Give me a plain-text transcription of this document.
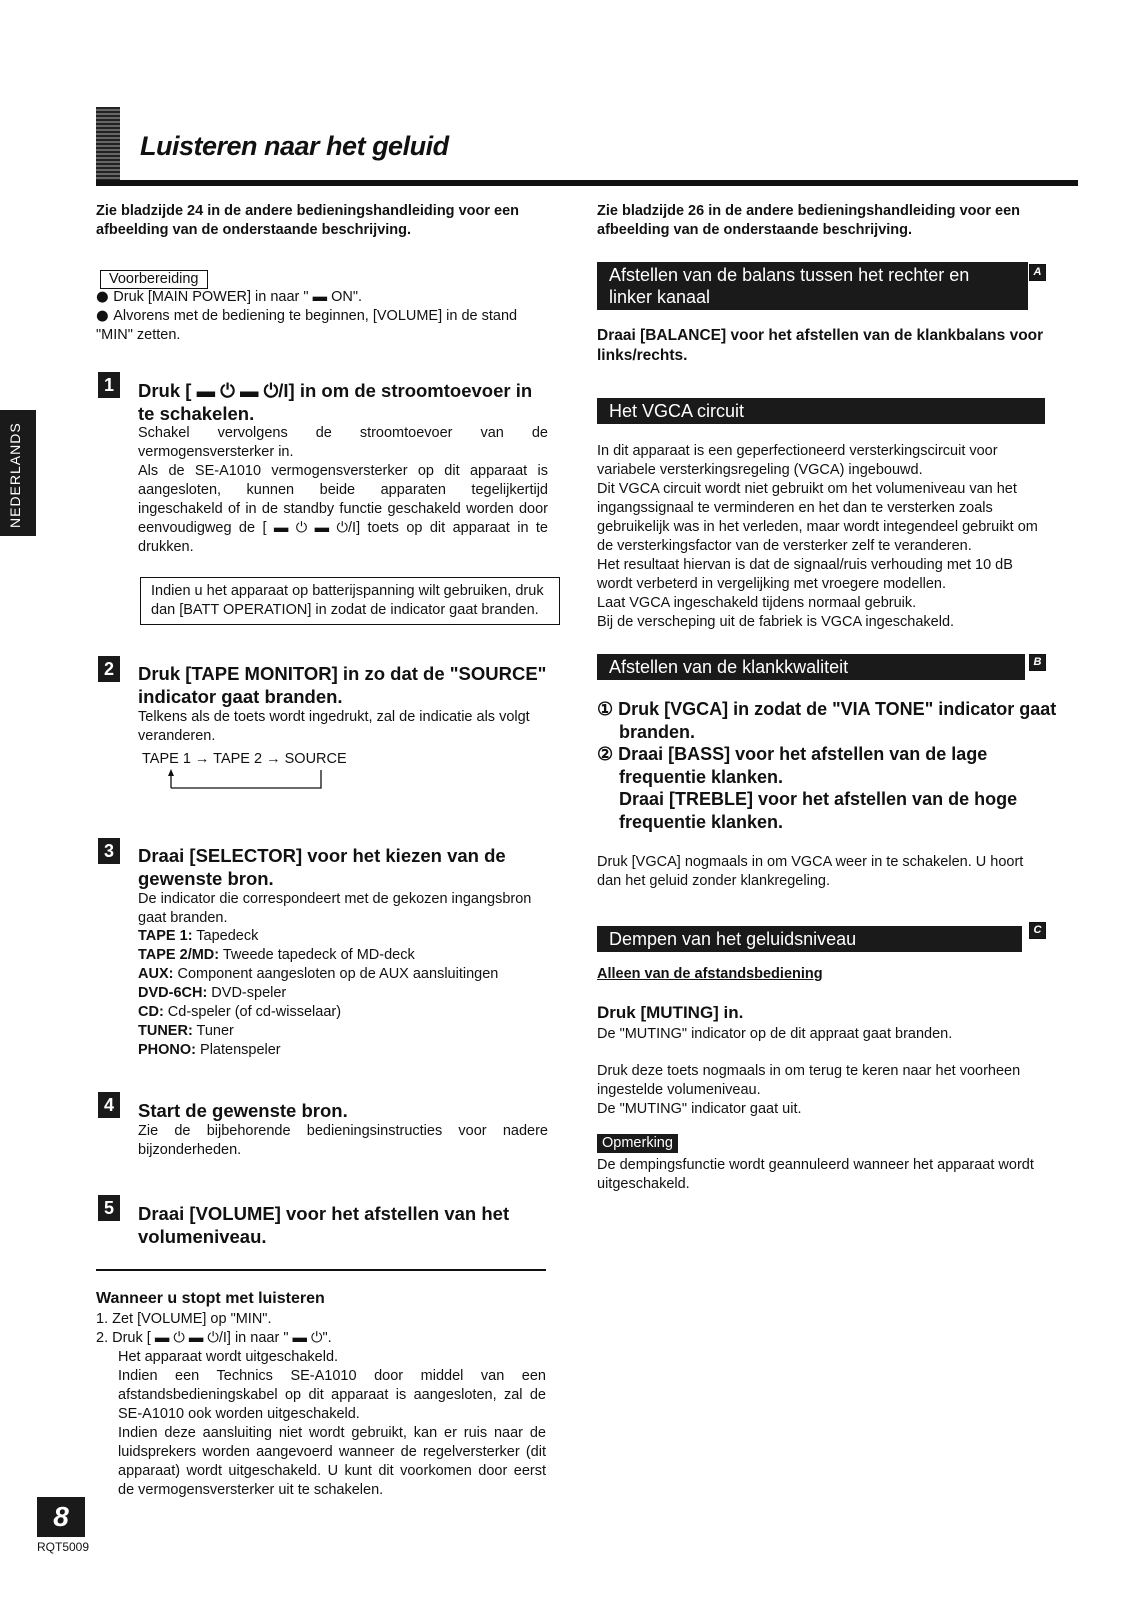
Luisteren naar het geluid
NEDERLANDS
Zie bladzijde 24 in de andere bedieningshandleiding voor een afbeelding van de onderstaande beschrijving.
Voorbereiding
● Druk [MAIN POWER] in naar " ▬ ON".
● Alvorens met de bediening te beginnen, [VOLUME] in de stand "MIN" zetten.
1	Druk [ ▬ ⏻ ▬ ⏻/I] in om de stroomtoevoer in te schakelen.
Schakel vervolgens de stroomtoevoer van de vermogensversterker in.
Als de SE-A1010 vermogensversterker op dit apparaat is aangesloten, kunnen beide apparaten tegelijkertijd ingeschakeld of in de standby functie geschakeld worden door eenvoudigweg de [ ▬ ⏻ ▬ ⏻/I] toets op dit apparaat in te drukken.
Indien u het apparaat op batterijspanning wilt gebruiken, druk dan [BATT OPERATION] in zodat de indicator gaat branden.
2	Druk [TAPE MONITOR] in zo dat de "SOURCE" indicator gaat branden.
Telkens als de toets wordt ingedrukt, zal de indicatie als volgt veranderen.
TAPE 1 → TAPE 2 → SOURCE
3	Draai [SELECTOR] voor het kiezen van de gewenste bron.
De indicator die correspondeert met de gekozen ingangsbron gaat branden.
TAPE 1: Tapedeck
TAPE 2/MD: Tweede tapedeck of MD-deck
AUX: Component aangesloten op de AUX aansluitingen
DVD-6CH: DVD-speler
CD: Cd-speler (of cd-wisselaar)
TUNER: Tuner
PHONO: Platenspeler
4	Start de gewenste bron.
Zie de bijbehorende bedieningsinstructies voor nadere bijzonderheden.
5	Draai [VOLUME] voor het afstellen van het volumeniveau.
Wanneer u stopt met luisteren
1. Zet [VOLUME] op "MIN".
2. Druk [ ▬ ⏻ ▬ ⏻/I] in naar " ▬ ⏻".
Het apparaat wordt uitgeschakeld.
Indien een Technics SE-A1010 door middel van een afstandsbedieningskabel op dit apparaat is aangesloten, zal de SE-A1010 ook worden uitgeschakeld.
Indien deze aansluiting niet wordt gebruikt, kan er ruis naar de luidsprekers worden aangevoerd wanneer de regelversterker (dit apparaat) wordt uitgeschakeld. U kunt dit voorkomen door eerst de vermogensversterker uit te schakelen.
Zie bladzijde 26 in de andere bedieningshandleiding voor een afbeelding van de onderstaande beschrijving.
Afstellen van de balans tussen het rechter en linker kanaal
A
Draai [BALANCE] voor het afstellen van de klankbalans voor links/rechts.
Het VGCA circuit
In dit apparaat is een geperfectioneerd versterkingscircuit voor variabele versterkingsregeling (VGCA) ingebouwd.
Dit VGCA circuit wordt niet gebruikt om het volumeniveau van het ingangssignaal te verminderen en het dan te versterken zoals gebruikelijk was in het verleden, maar wordt integendeel gebruikt om de versterkingsfactor van de versterker zelf te veranderen.
Het resultaat hiervan is dat de signaal/ruis verhouding met 10 dB wordt verbeterd in vergelijking met vroegere modellen.
Laat VGCA ingeschakeld tijdens normaal gebruik.
Bij de verscheping uit de fabriek is VGCA ingeschakeld.
Afstellen van de klankkwaliteit	B
① Druk [VGCA] in zodat de "VIA TONE" indicator gaat branden.
② Draai [BASS] voor het afstellen van de lage frequentie klanken.
Draai [TREBLE] voor het afstellen van de hoge frequentie klanken.
Druk [VGCA] nogmaals in om VGCA weer in te schakelen. U hoort dan het geluid zonder klankregeling.
Dempen van het geluidsniveau	C
Alleen van de afstandsbediening
Druk [MUTING] in.
De "MUTING" indicator op de dit appraat gaat branden.
Druk deze toets nogmaals in om terug te keren naar het voorheen ingestelde volumeniveau.
De "MUTING" indicator gaat uit.
Opmerking
De dempingsfunctie wordt geannuleerd wanneer het apparaat wordt uitgeschakeld.
8
RQT5009
